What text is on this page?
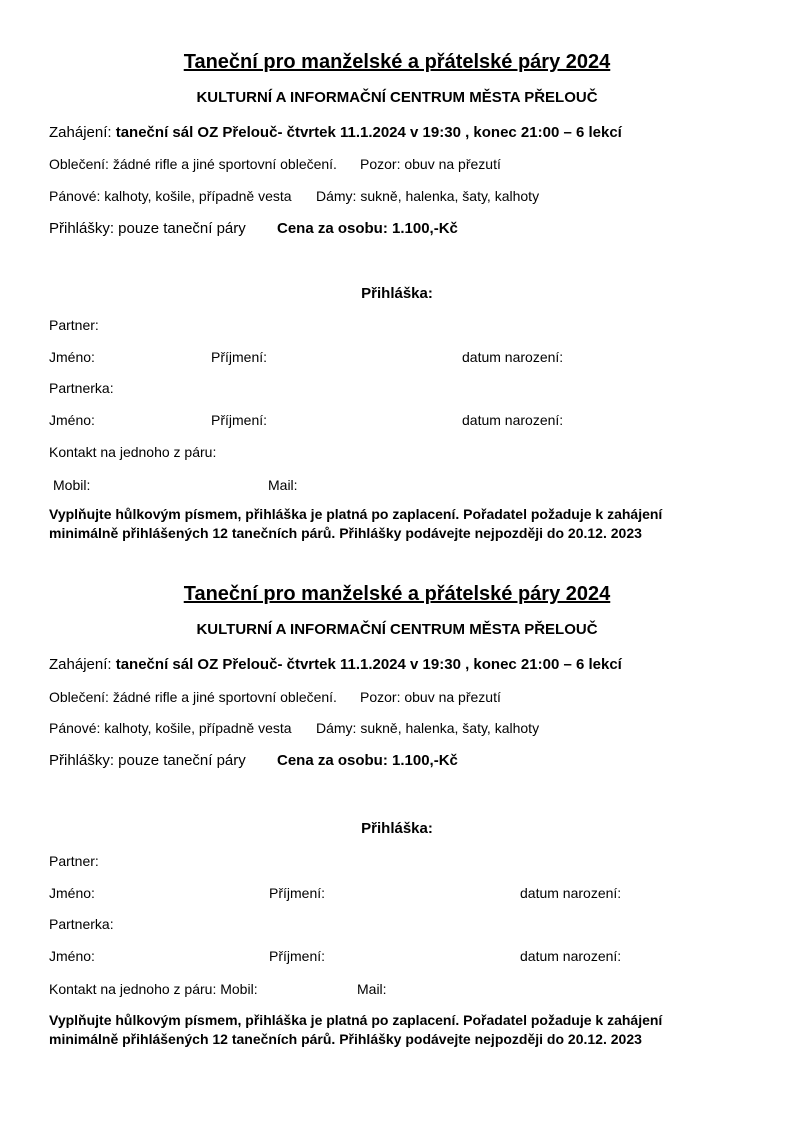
Taneční pro manželské a přátelské páry 2024
KULTURNÍ A INFORMAČNÍ CENTRUM MĚSTA PŘELOUČ
Zahájení: taneční sál OZ Přelouč- čtvrtek 11.1.2024 v 19:30 , konec 21:00 – 6 lekcí
Oblečení: žádné rifle a jiné sportovní oblečení. Pozor: obuv na přezutí
Pánové: kalhoty, košile, případně vesta Dámy: sukně, halenka, šaty, kalhoty
Přihlášky: pouze taneční páry Cena za osobu: 1.100,-Kč
Přihláška:
Partner:
Jméno:	Příjmení:	datum narození:
Partnerka:
Jméno:	Příjmení:	datum narození:
Kontakt na jednoho z páru:
Mobil:	Mail:
Vyplňujte hůlkovým písmem, přihláška je platná po zaplacení. Pořadatel požaduje k zahájení
minimálně přihlášených 12 tanečních párů. Přihlášky podávejte nejpozději do 20.12. 2023
Taneční pro manželské a přátelské páry 2024
KULTURNÍ A INFORMAČNÍ CENTRUM MĚSTA PŘELOUČ
Zahájení: taneční sál OZ Přelouč- čtvrtek 11.1.2024 v 19:30 , konec 21:00 – 6 lekcí
Oblečení: žádné rifle a jiné sportovní oblečení. Pozor: obuv na přezutí
Pánové: kalhoty, košile, případně vesta Dámy: sukně, halenka, šaty, kalhoty
Přihlášky: pouze taneční páry Cena za osobu: 1.100,-Kč
Přihláška:
Partner:
Jméno:	Příjmení:	datum narození:
Partnerka:
Jméno:	Příjmení:	datum narození:
Kontakt na jednoho z páru: Mobil:	Mail:
Vyplňujte hůlkovým písmem, přihláška je platná po zaplacení. Pořadatel požaduje k zahájení
minimálně přihlášených 12 tanečních párů. Přihlášky podávejte nejpozději do 20.12. 2023
